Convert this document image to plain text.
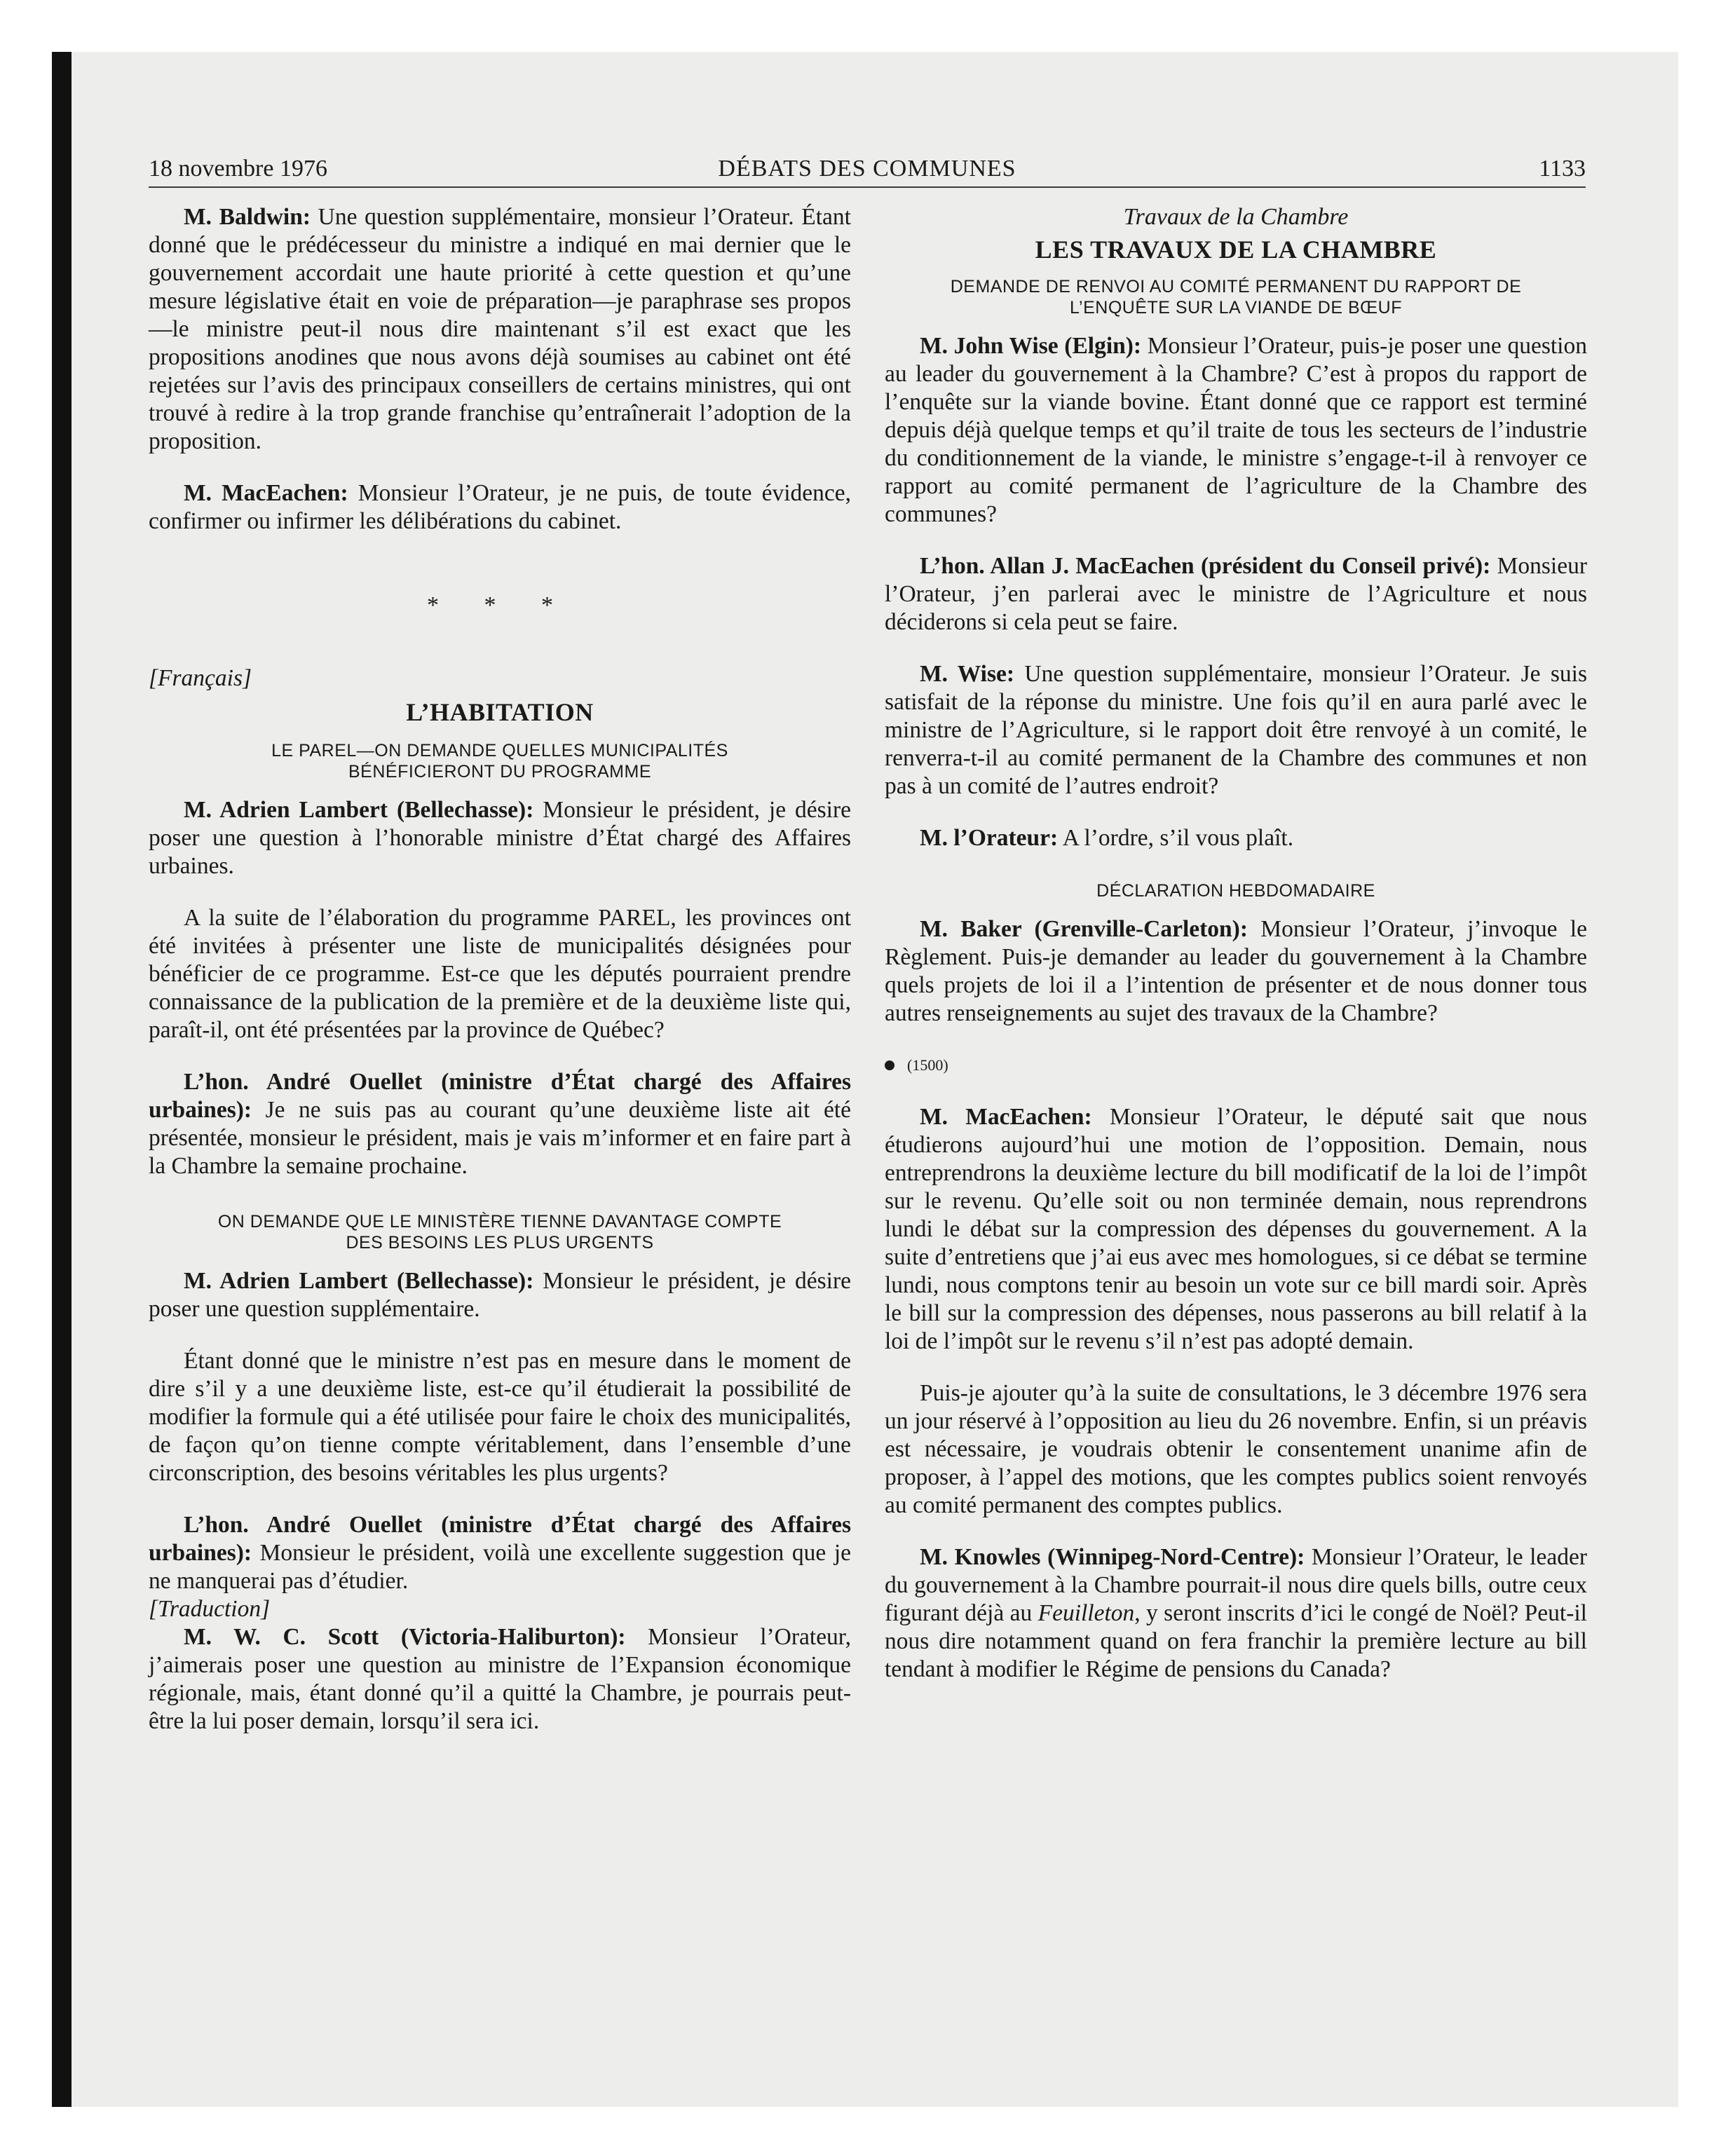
18 novembre 1976	DÉBATS DES COMMUNES	1133

M. Baldwin: Une question supplémentaire, monsieur l’Orateur. Étant donné que le prédécesseur du ministre a indiqué en mai dernier que le gouvernement accordait une haute priorité à cette question et qu’une mesure législative était en voie de préparation—je paraphrase ses propos—le ministre peut-il nous dire maintenant s’il est exact que les propositions anodines que nous avons déjà soumises au cabinet ont été rejetées sur l’avis des principaux conseillers de certains ministres, qui ont trouvé à redire à la trop grande franchise qu’entraînerait l’adoption de la proposition.

M. MacEachen: Monsieur l’Orateur, je ne puis, de toute évidence, confirmer ou infirmer les délibérations du cabinet.

* * *

[Français]

L’HABITATION

LE PAREL—ON DEMANDE QUELLES MUNICIPALITÉS

BÉNÉFICIERONT DU PROGRAMME

M. Adrien Lambert (Bellechasse): Monsieur le président, je désire poser une question à l’honorable ministre d’État chargé des Affaires urbaines.

A la suite de l’élaboration du programme PAREL, les provinces ont été invitées à présenter une liste de municipalités désignées pour bénéficier de ce programme. Est-ce que les députés pourraient prendre connaissance de la publication de la première et de la deuxième liste qui, paraît-il, ont été présentées par la province de Québec?

L’hon. André Ouellet (ministre d’État chargé des Affaires urbaines): Je ne suis pas au courant qu’une deuxième liste ait été présentée, monsieur le président, mais je vais m’informer et en faire part à la Chambre la semaine prochaine.

ON DEMANDE QUE LE MINISTÈRE TIENNE DAVANTAGE COMPTE

DES BESOINS LES PLUS URGENTS

M. Adrien Lambert (Bellechasse): Monsieur le président, je désire poser une question supplémentaire.

Étant donné que le ministre n’est pas en mesure dans le moment de dire s’il y a une deuxième liste, est-ce qu’il étudierait la possibilité de modifier la formule qui a été utilisée pour faire le choix des municipalités, de façon qu’on tienne compte véritablement, dans l’ensemble d’une circonscription, des besoins véritables les plus urgents?

L’hon. André Ouellet (ministre d’État chargé des Affaires urbaines): Monsieur le président, voilà une excellente suggestion que je ne manquerai pas d’étudier.

[Traduction]

M. W. C. Scott (Victoria-Haliburton): Monsieur l’Orateur, j’aimerais poser une question au ministre de l’Expansion économique régionale, mais, étant donné qu’il a quitté la Chambre, je pourrais peut-être la lui poser demain, lorsqu’il sera ici.

Travaux de la Chambre

LES TRAVAUX DE LA CHAMBRE

DEMANDE DE RENVOI AU COMITÉ PERMANENT DU RAPPORT DE

L’ENQUÊTE SUR LA VIANDE DE BŒUF

M. John Wise (Elgin): Monsieur l’Orateur, puis-je poser une question au leader du gouvernement à la Chambre? C’est à propos du rapport de l’enquête sur la viande bovine. Étant donné que ce rapport est terminé depuis déjà quelque temps et qu’il traite de tous les secteurs de l’industrie du conditionnement de la viande, le ministre s’engage-t-il à renvoyer ce rapport au comité permanent de l’agriculture de la Chambre des communes?

L’hon. Allan J. MacEachen (président du Conseil privé): Monsieur l’Orateur, j’en parlerai avec le ministre de l’Agriculture et nous déciderons si cela peut se faire.

M. Wise: Une question supplémentaire, monsieur l’Orateur. Je suis satisfait de la réponse du ministre. Une fois qu’il en aura parlé avec le ministre de l’Agriculture, si le rapport doit être renvoyé à un comité, le renverra-t-il au comité permanent de la Chambre des communes et non pas à un comité de l’autres endroit?

M. l’Orateur: A l’ordre, s’il vous plaît.

DÉCLARATION HEBDOMADAIRE

M. Baker (Grenville-Carleton): Monsieur l’Orateur, j’invoque le Règlement. Puis-je demander au leader du gouvernement à la Chambre quels projets de loi il a l’intention de présenter et de nous donner tous autres renseignements au sujet des travaux de la Chambre?

(1500)

M. MacEachen: Monsieur l’Orateur, le député sait que nous étudierons aujourd’hui une motion de l’opposition. Demain, nous entreprendrons la deuxième lecture du bill modificatif de la loi de l’impôt sur le revenu. Qu’elle soit ou non terminée demain, nous reprendrons lundi le débat sur la compression des dépenses du gouvernement. A la suite d’entretiens que j’ai eus avec mes homologues, si ce débat se termine lundi, nous comptons tenir au besoin un vote sur ce bill mardi soir. Après le bill sur la compression des dépenses, nous passerons au bill relatif à la loi de l’impôt sur le revenu s’il n’est pas adopté demain.

Puis-je ajouter qu’à la suite de consultations, le 3 décembre 1976 sera un jour réservé à l’opposition au lieu du 26 novembre. Enfin, si un préavis est nécessaire, je voudrais obtenir le consentement unanime afin de proposer, à l’appel des motions, que les comptes publics soient renvoyés au comité permanent des comptes publics.

M. Knowles (Winnipeg-Nord-Centre): Monsieur l’Orateur, le leader du gouvernement à la Chambre pourrait-il nous dire quels bills, outre ceux figurant déjà au Feuilleton, y seront inscrits d’ici le congé de Noël? Peut-il nous dire notamment quand on fera franchir la première lecture au bill tendant à modifier le Régime de pensions du Canada?
